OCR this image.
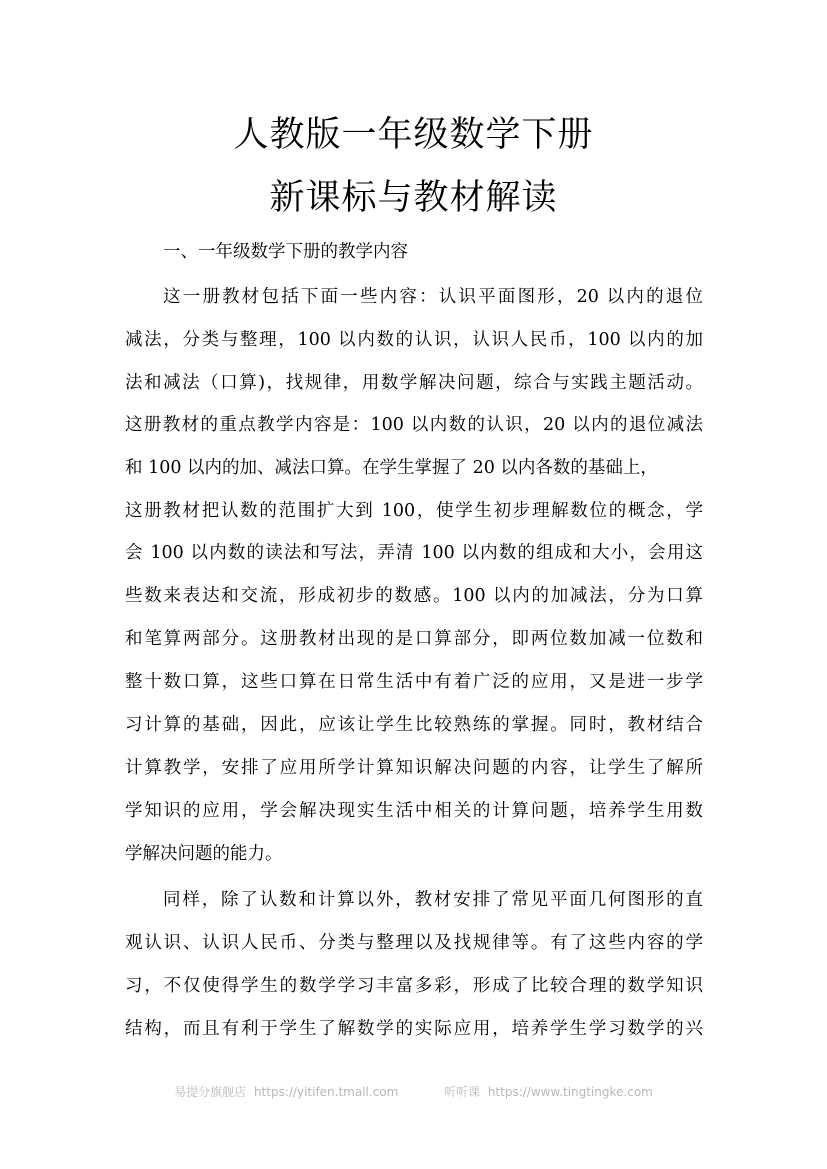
人教版一年级数学下册
新课标与教材解读
一、一年级数学下册的教学内容
这一册教材包括下面一些内容：认识平面图形，20 以内的退位
减法，分类与整理，100 以内数的认识，认识人民币，100 以内的加
法和减法（口算)，找规律，用数学解决问题，综合与实践主题活动。
这册教材的重点教学内容是：100 以内数的认识，20 以内的退位减法
和 100 以内的加、减法口算。在学生掌握了 20 以内各数的基础上，
这册教材把认数的范围扩大到 100，使学生初步理解数位的概念，学
会 100 以内数的读法和写法，弄清 100 以内数的组成和大小，会用这
些数来表达和交流，形成初步的数感。100 以内的加减法，分为口算
和笔算两部分。这册教材出现的是口算部分，即两位数加减一位数和
整十数口算，这些口算在日常生活中有着广泛的应用，又是进一步学
习计算的基础，因此，应该让学生比较熟练的掌握。同时，教材结合
计算教学，安排了应用所学计算知识解决问题的内容，让学生了解所
学知识的应用，学会解决现实生活中相关的计算问题，培养学生用数
学解决问题的能力。
同样，除了认数和计算以外，教材安排了常见平面几何图形的直
观认识、认识人民币、分类与整理以及找规律等。有了这些内容的学
习，不仅使得学生的数学学习丰富多彩，形成了比较合理的数学知识
结构，而且有利于学生了解数学的实际应用，培养学生学习数学的兴
易提分旗舰店 https://yitifen.tmall.com	听听课 https://www.tingtingke.com
